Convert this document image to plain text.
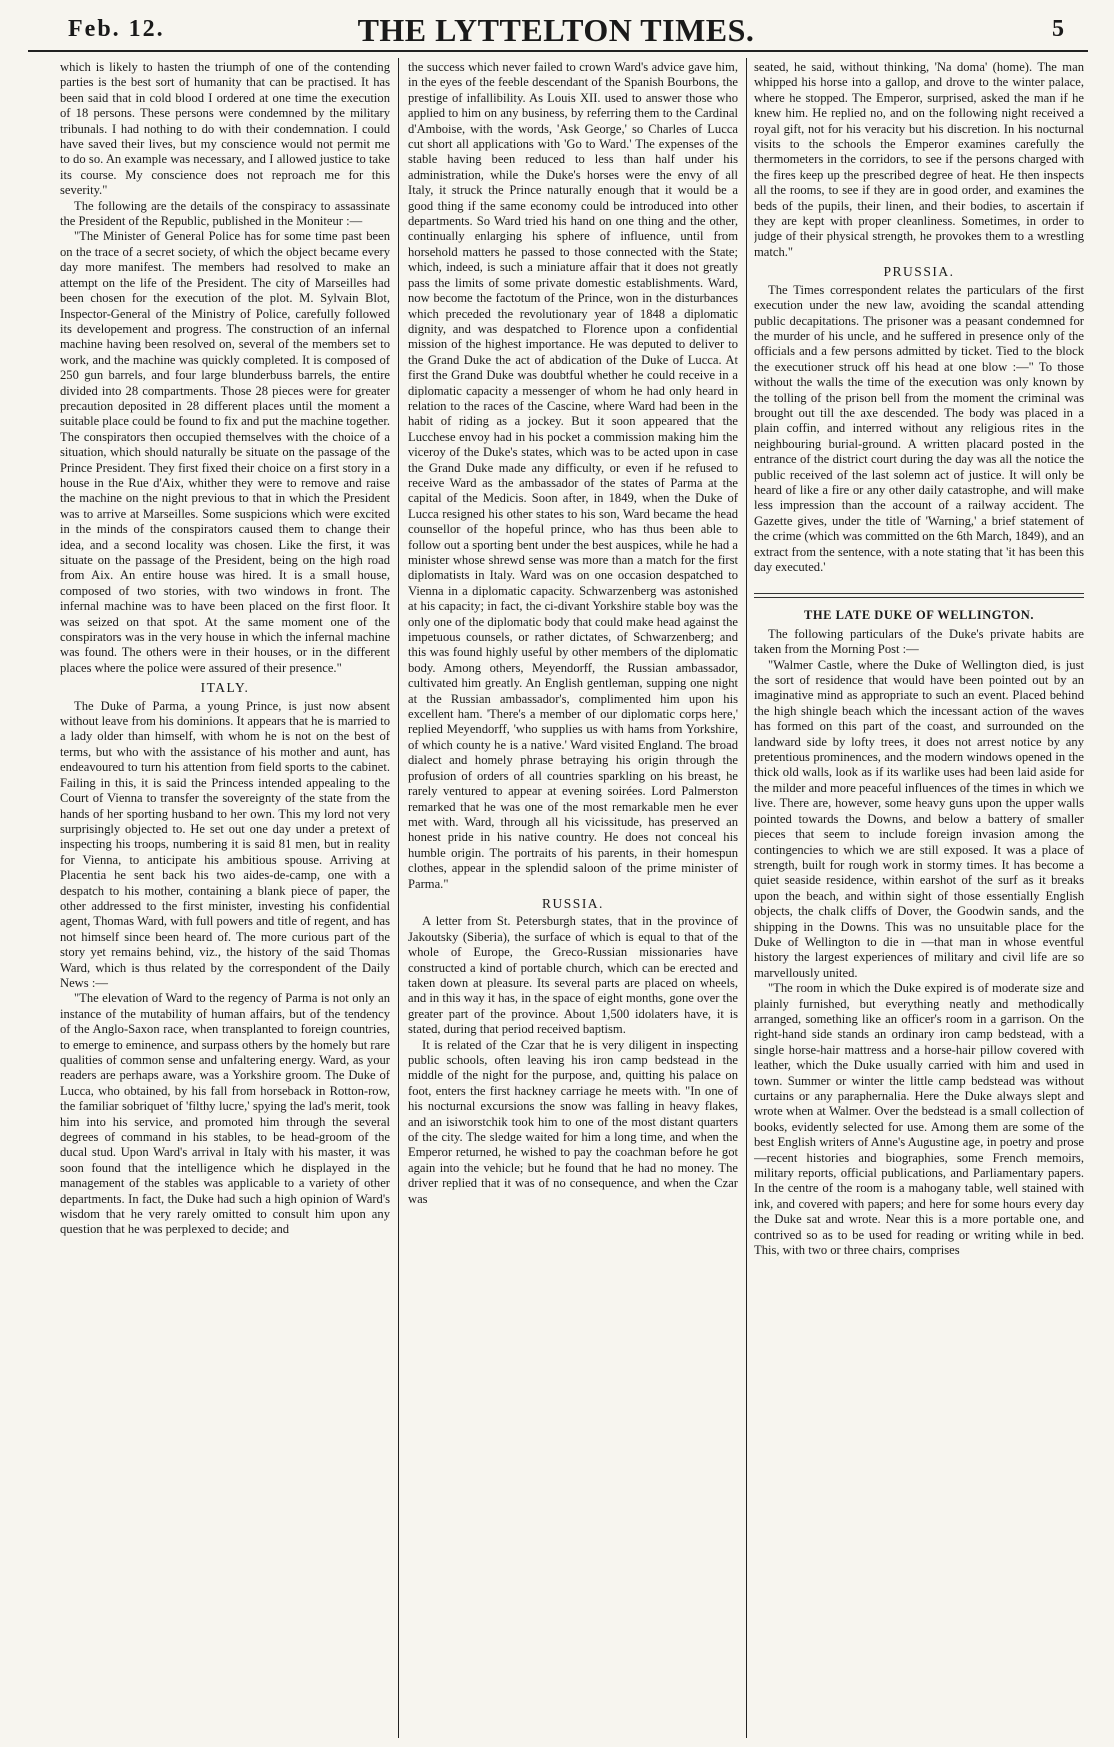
Feb. 12.	THE LYTTELTON TIMES.	5

which is likely to hasten the triumph of one of the contending parties is the best sort of humanity that can be practised. It has been said that in cold blood I ordered at one time the execution of 18 persons. These persons were condemned by the military tribunals. I had nothing to do with their condemnation. I could have saved their lives, but my conscience would not permit me to do so. An example was necessary, and I allowed justice to take its course. My conscience does not reproach me for this severity."

The following are the details of the conspiracy to assassinate the President of the Republic, published in the Moniteur :—

"The Minister of General Police has for some time past been on the trace of a secret society, of which the object became every day more manifest. The members had resolved to make an attempt on the life of the President. The city of Marseilles had been chosen for the execution of the plot. M. Sylvain Blot, Inspector-General of the Ministry of Police, carefully followed its developement and progress. The construction of an infernal machine having been resolved on, several of the members set to work, and the machine was quickly completed. It is composed of 250 gun barrels, and four large blunderbuss barrels, the entire divided into 28 compartments. Those 28 pieces were for greater precaution deposited in 28 different places until the moment a suitable place could be found to fix and put the machine together. The conspirators then occupied themselves with the choice of a situation, which should naturally be situate on the passage of the Prince President. They first fixed their choice on a first story in a house in the Rue d'Aix, whither they were to remove and raise the machine on the night previous to that in which the President was to arrive at Marseilles. Some suspicions which were excited in the minds of the conspirators caused them to change their idea, and a second locality was chosen. Like the first, it was situate on the passage of the President, being on the high road from Aix. An entire house was hired. It is a small house, composed of two stories, with two windows in front. The infernal machine was to have been placed on the first floor. It was seized on that spot. At the same moment one of the conspirators was in the very house in which the infernal machine was found. The others were in their houses, or in the different places where the police were assured of their presence."

ITALY.

The Duke of Parma, a young Prince, is just now absent without leave from his dominions. It appears that he is married to a lady older than himself, with whom he is not on the best of terms, but who with the assistance of his mother and aunt, has endeavoured to turn his attention from field sports to the cabinet. Failing in this, it is said the Princess intended appealing to the Court of Vienna to transfer the sovereignty of the state from the hands of her sporting husband to her own. This my lord not very surprisingly objected to. He set out one day under a pretext of inspecting his troops, numbering it is said 81 men, but in reality for Vienna, to anticipate his ambitious spouse. Arriving at Placentia he sent back his two aides-de-camp, one with a despatch to his mother, containing a blank piece of paper, the other addressed to the first minister, investing his confidential agent, Thomas Ward, with full powers and title of regent, and has not himself since been heard of. The more curious part of the story yet remains behind, viz., the history of the said Thomas Ward, which is thus related by the correspondent of the Daily News :—

"The elevation of Ward to the regency of Parma is not only an instance of the mutability of human affairs, but of the tendency of the Anglo-Saxon race, when transplanted to foreign countries, to emerge to eminence, and surpass others by the homely but rare qualities of common sense and unfaltering energy. Ward, as your readers are perhaps aware, was a Yorkshire groom. The Duke of Lucca, who obtained, by his fall from horseback in Rotton-row, the familiar sobriquet of 'filthy lucre,' spying the lad's merit, took him into his service, and promoted him through the several degrees of command in his stables, to be head-groom of the ducal stud. Upon Ward's arrival in Italy with his master, it was soon found that the intelligence which he displayed in the management of the stables was applicable to a variety of other departments. In fact, the Duke had such a high opinion of Ward's wisdom that he very rarely omitted to consult him upon any question that he was perplexed to decide; and

the success which never failed to crown Ward's advice gave him, in the eyes of the feeble descendant of the Spanish Bourbons, the prestige of infallibility. As Louis XII. used to answer those who applied to him on any business, by referring them to the Cardinal d'Amboise, with the words, 'Ask George,' so Charles of Lucca cut short all applications with 'Go to Ward.' The expenses of the stable having been reduced to less than half under his administration, while the Duke's horses were the envy of all Italy, it struck the Prince naturally enough that it would be a good thing if the same economy could be introduced into other departments. So Ward tried his hand on one thing and the other, continually enlarging his sphere of influence, until from horsehold matters he passed to those connected with the State; which, indeed, is such a miniature affair that it does not greatly pass the limits of some private domestic establishments. Ward, now become the factotum of the Prince, won in the disturbances which preceded the revolutionary year of 1848 a diplomatic dignity, and was despatched to Florence upon a confidential mission of the highest importance. He was deputed to deliver to the Grand Duke the act of abdication of the Duke of Lucca. At first the Grand Duke was doubtful whether he could receive in a diplomatic capacity a messenger of whom he had only heard in relation to the races of the Cascine, where Ward had been in the habit of riding as a jockey. But it soon appeared that the Lucchese envoy had in his pocket a commission making him the viceroy of the Duke's states, which was to be acted upon in case the Grand Duke made any difficulty, or even if he refused to receive Ward as the ambassador of the states of Parma at the capital of the Medicis. Soon after, in 1849, when the Duke of Lucca resigned his other states to his son, Ward became the head counsellor of the hopeful prince, who has thus been able to follow out a sporting bent under the best auspices, while he had a minister whose shrewd sense was more than a match for the first diplomatists in Italy. Ward was on one occasion despatched to Vienna in a diplomatic capacity. Schwarzenberg was astonished at his capacity; in fact, the ci-divant Yorkshire stable boy was the only one of the diplomatic body that could make head against the impetuous counsels, or rather dictates, of Schwarzenberg; and this was found highly useful by other members of the diplomatic body. Among others, Meyendorff, the Russian ambassador, cultivated him greatly. An English gentleman, supping one night at the Russian ambassador's, complimented him upon his excellent ham. 'There's a member of our diplomatic corps here,' replied Meyendorff, 'who supplies us with hams from Yorkshire, of which county he is a native.' Ward visited England. The broad dialect and homely phrase betraying his origin through the profusion of orders of all countries sparkling on his breast, he rarely ventured to appear at evening soirées. Lord Palmerston remarked that he was one of the most remarkable men he ever met with. Ward, through all his vicissitude, has preserved an honest pride in his native country. He does not conceal his humble origin. The portraits of his parents, in their homespun clothes, appear in the splendid saloon of the prime minister of Parma."

RUSSIA.

A letter from St. Petersburgh states, that in the province of Jakoutsky (Siberia), the surface of which is equal to that of the whole of Europe, the Greco-Russian missionaries have constructed a kind of portable church, which can be erected and taken down at pleasure. Its several parts are placed on wheels, and in this way it has, in the space of eight months, gone over the greater part of the province. About 1,500 idolaters have, it is stated, during that period received baptism.

It is related of the Czar that he is very diligent in inspecting public schools, often leaving his iron camp bedstead in the middle of the night for the purpose, and, quitting his palace on foot, enters the first hackney carriage he meets with. "In one of his nocturnal excursions the snow was falling in heavy flakes, and an isiworstchik took him to one of the most distant quarters of the city. The sledge waited for him a long time, and when the Emperor returned, he wished to pay the coachman before he got again into the vehicle; but he found that he had no money. The driver replied that it was of no consequence, and when the Czar was

seated, he said, without thinking, 'Na doma' (home). The man whipped his horse into a gallop, and drove to the winter palace, where he stopped. The Emperor, surprised, asked the man if he knew him. He replied no, and on the following night received a royal gift, not for his veracity but his discretion. In his nocturnal visits to the schools the Emperor examines carefully the thermometers in the corridors, to see if the persons charged with the fires keep up the prescribed degree of heat. He then inspects all the rooms, to see if they are in good order, and examines the beds of the pupils, their linen, and their bodies, to ascertain if they are kept with proper cleanliness. Sometimes, in order to judge of their physical strength, he provokes them to a wrestling match."

PRUSSIA.

The Times correspondent relates the particulars of the first execution under the new law, avoiding the scandal attending public decapitations. The prisoner was a peasant condemned for the murder of his uncle, and he suffered in presence only of the officials and a few persons admitted by ticket. Tied to the block the executioner struck off his head at one blow :—" To those without the walls the time of the execution was only known by the tolling of the prison bell from the moment the criminal was brought out till the axe descended. The body was placed in a plain coffin, and interred without any religious rites in the neighbouring burial-ground. A written placard posted in the entrance of the district court during the day was all the notice the public received of the last solemn act of justice. It will only be heard of like a fire or any other daily catastrophe, and will make less impression than the account of a railway accident. The Gazette gives, under the title of 'Warning,' a brief statement of the crime (which was committed on the 6th March, 1849), and an extract from the sentence, with a note stating that 'it has been this day executed.'

THE LATE DUKE OF WELLINGTON.

The following particulars of the Duke's private habits are taken from the Morning Post :—

"Walmer Castle, where the Duke of Wellington died, is just the sort of residence that would have been pointed out by an imaginative mind as appropriate to such an event. Placed behind the high shingle beach which the incessant action of the waves has formed on this part of the coast, and surrounded on the landward side by lofty trees, it does not arrest notice by any pretentious prominences, and the modern windows opened in the thick old walls, look as if its warlike uses had been laid aside for the milder and more peaceful influences of the times in which we live. There are, however, some heavy guns upon the upper walls pointed towards the Downs, and below a battery of smaller pieces that seem to include foreign invasion among the contingencies to which we are still exposed. It was a place of strength, built for rough work in stormy times. It has become a quiet seaside residence, within earshot of the surf as it breaks upon the beach, and within sight of those essentially English objects, the chalk cliffs of Dover, the Goodwin sands, and the shipping in the Downs. This was no unsuitable place for the Duke of Wellington to die in —that man in whose eventful history the largest experiences of military and civil life are so marvellously united.

"The room in which the Duke expired is of moderate size and plainly furnished, but everything neatly and methodically arranged, something like an officer's room in a garrison. On the right-hand side stands an ordinary iron camp bedstead, with a single horse-hair mattress and a horse-hair pillow covered with leather, which the Duke usually carried with him and used in town. Summer or winter the little camp bedstead was without curtains or any paraphernalia. Here the Duke always slept and wrote when at Walmer. Over the bedstead is a small collection of books, evidently selected for use. Among them are some of the best English writers of Anne's Augustine age, in poetry and prose—recent histories and biographies, some French memoirs, military reports, official publications, and Parliamentary papers. In the centre of the room is a mahogany table, well stained with ink, and covered with papers; and here for some hours every day the Duke sat and wrote. Near this is a more portable one, and contrived so as to be used for reading or writing while in bed. This, with two or three chairs, comprises
